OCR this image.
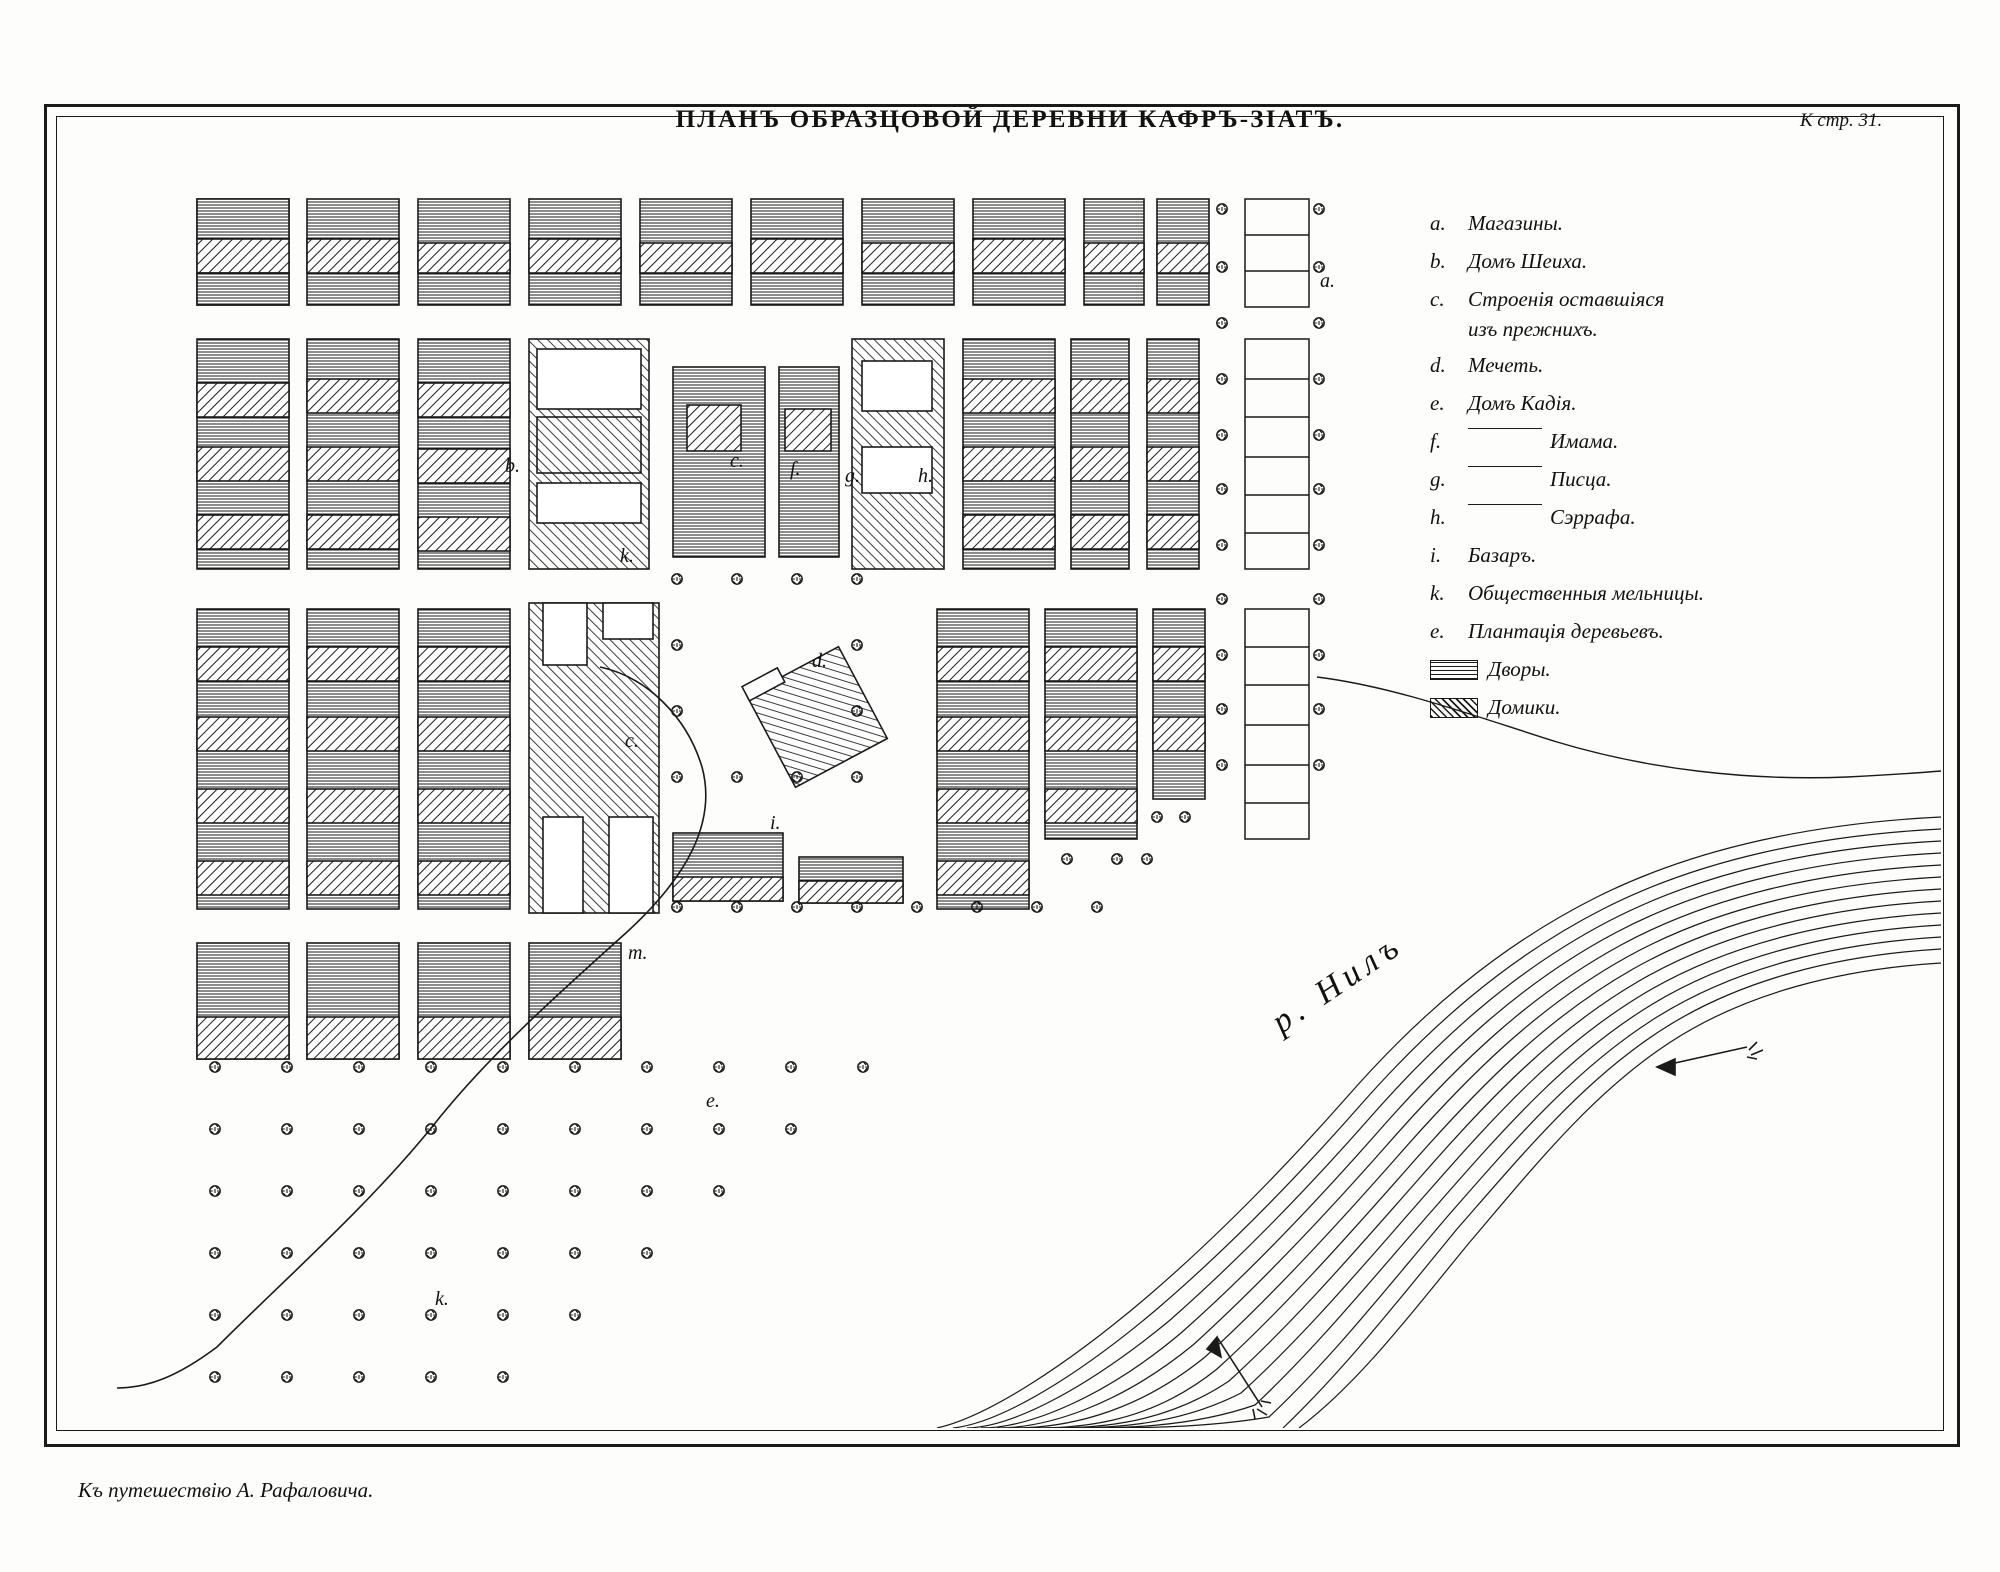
ПЛАНЪ ОБРАЗЦОВОЙ ДЕРЕВНИ КАФРЪ-ЗІАТЪ.	К стр. 31.
a.
b.	c. f. g.	h.
k.
d.
c.
i.
m.
e.
k.
р. Нилъ
a.	Магазины.
b.	Домъ Шеиха.
c.	Строенія оставшіяся
изъ прежнихъ.
d.	Мечеть.
e.	Домъ Кадія.
f.	Имама.
g.	Писца.
h.	Сэррафа.
i.	Базаръ.
k.	Общественныя мельницы.
e.	Плантація деревьевъ.
Дворы.
Домики.
Къ путешествію А. Рафаловича.
